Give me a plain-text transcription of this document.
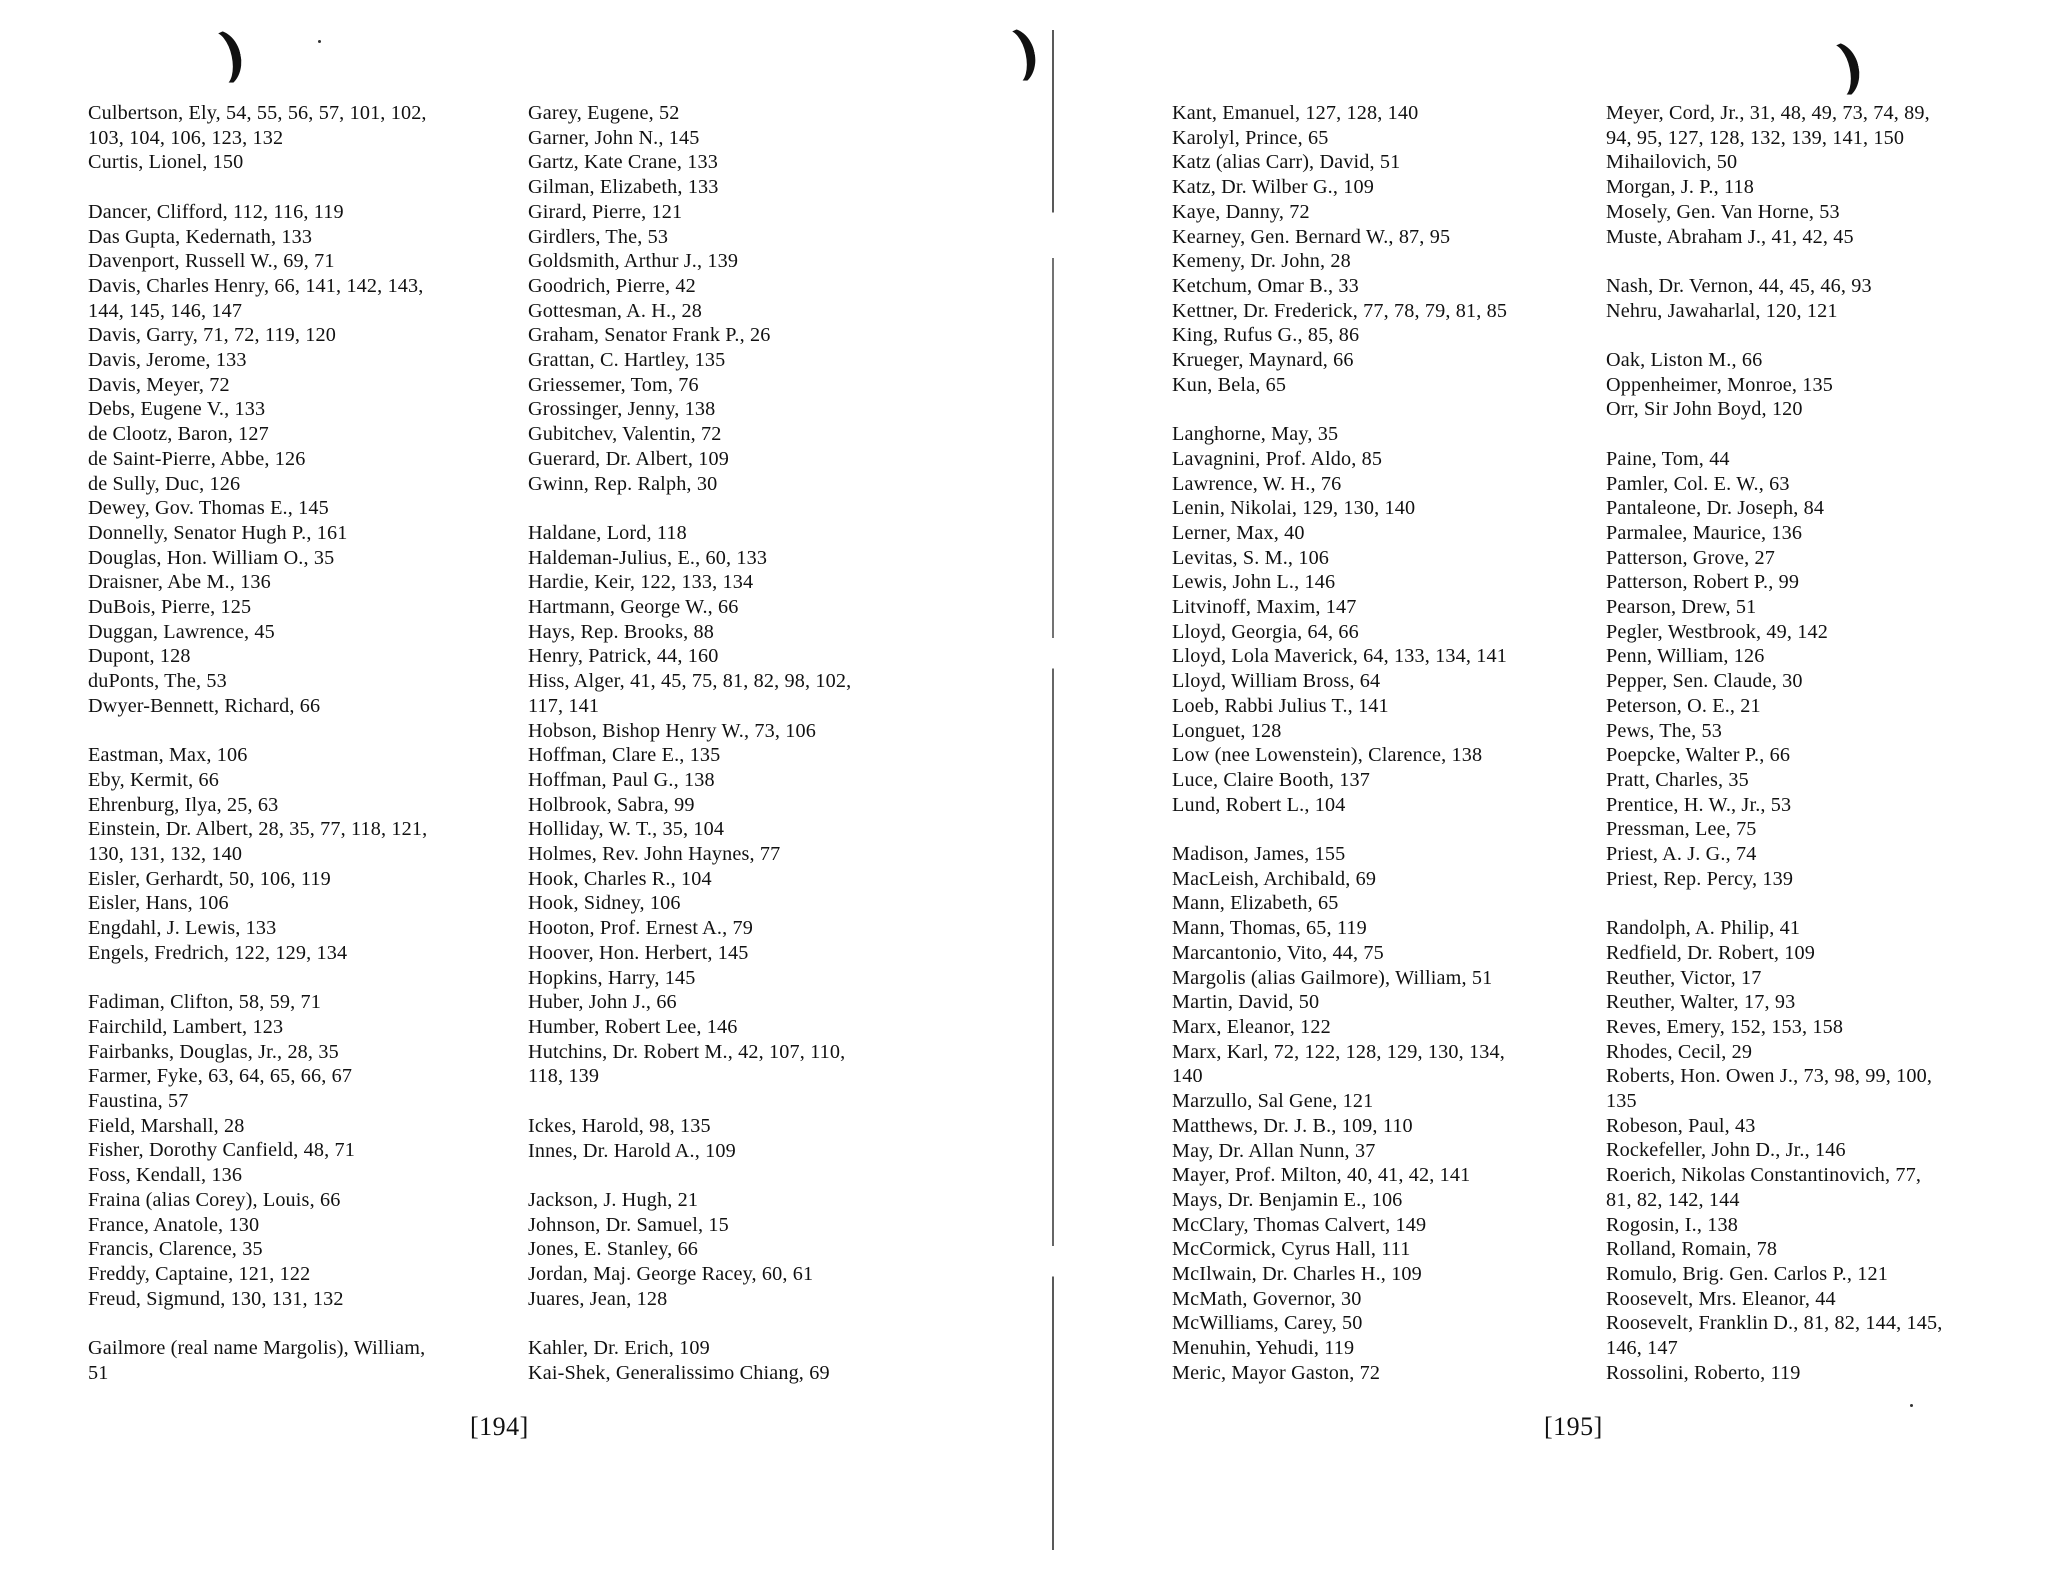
Culbertson, Ely, 54, 55, 56, 57, 101, 102,
103, 104, 106, 123, 132
Curtis, Lionel, 150
Dancer, Clifford, 112, 116, 119
Das Gupta, Kedernath, 133
Davenport, Russell W., 69, 71
Davis, Charles Henry, 66, 141, 142, 143,
144, 145, 146, 147
Davis, Garry, 71, 72, 119, 120
Davis, Jerome, 133
Davis, Meyer, 72
Debs, Eugene V., 133
de Clootz, Baron, 127
de Saint-Pierre, Abbe, 126
de Sully, Duc, 126
Dewey, Gov. Thomas E., 145
Donnelly, Senator Hugh P., 161
Douglas, Hon. William O., 35
Draisner, Abe M., 136
DuBois, Pierre, 125
Duggan, Lawrence, 45
Dupont, 128
duPonts, The, 53
Dwyer-Bennett, Richard, 66
Eastman, Max, 106
Eby, Kermit, 66
Ehrenburg, Ilya, 25, 63
Einstein, Dr. Albert, 28, 35, 77, 118, 121,
130, 131, 132, 140
Eisler, Gerhardt, 50, 106, 119
Eisler, Hans, 106
Engdahl, J. Lewis, 133
Engels, Fredrich, 122, 129, 134
Fadiman, Clifton, 58, 59, 71
Fairchild, Lambert, 123
Fairbanks, Douglas, Jr., 28, 35
Farmer, Fyke, 63, 64, 65, 66, 67
Faustina, 57
Field, Marshall, 28
Fisher, Dorothy Canfield, 48, 71
Foss, Kendall, 136
Fraina (alias Corey), Louis, 66
France, Anatole, 130
Francis, Clarence, 35
Freddy, Captaine, 121, 122
Freud, Sigmund, 130, 131, 132
Gailmore (real name Margolis), William,
51
Garey, Eugene, 52
Garner, John N., 145
Gartz, Kate Crane, 133
Gilman, Elizabeth, 133
Girard, Pierre, 121
Girdlers, The, 53
Goldsmith, Arthur J., 139
Goodrich, Pierre, 42
Gottesman, A. H., 28
Graham, Senator Frank P., 26
Grattan, C. Hartley, 135
Griessemer, Tom, 76
Grossinger, Jenny, 138
Gubitchev, Valentin, 72
Guerard, Dr. Albert, 109
Gwinn, Rep. Ralph, 30
Haldane, Lord, 118
Haldeman-Julius, E., 60, 133
Hardie, Keir, 122, 133, 134
Hartmann, George W., 66
Hays, Rep. Brooks, 88
Henry, Patrick, 44, 160
Hiss, Alger, 41, 45, 75, 81, 82, 98, 102,
117, 141
Hobson, Bishop Henry W., 73, 106
Hoffman, Clare E., 135
Hoffman, Paul G., 138
Holbrook, Sabra, 99
Holliday, W. T., 35, 104
Holmes, Rev. John Haynes, 77
Hook, Charles R., 104
Hook, Sidney, 106
Hooton, Prof. Ernest A., 79
Hoover, Hon. Herbert, 145
Hopkins, Harry, 145
Huber, John J., 66
Humber, Robert Lee, 146
Hutchins, Dr. Robert M., 42, 107, 110,
118, 139
Ickes, Harold, 98, 135
Innes, Dr. Harold A., 109
Jackson, J. Hugh, 21
Johnson, Dr. Samuel, 15
Jones, E. Stanley, 66
Jordan, Maj. George Racey, 60, 61
Juares, Jean, 128
Kahler, Dr. Erich, 109
Kai-Shek, Generalissimo Chiang, 69
[194]
Kant, Emanuel, 127, 128, 140
Karolyl, Prince, 65
Katz (alias Carr), David, 51
Katz, Dr. Wilber G., 109
Kaye, Danny, 72
Kearney, Gen. Bernard W., 87, 95
Kemeny, Dr. John, 28
Ketchum, Omar B., 33
Kettner, Dr. Frederick, 77, 78, 79, 81, 85
King, Rufus G., 85, 86
Krueger, Maynard, 66
Kun, Bela, 65
Langhorne, May, 35
Lavagnini, Prof. Aldo, 85
Lawrence, W. H., 76
Lenin, Nikolai, 129, 130, 140
Lerner, Max, 40
Levitas, S. M., 106
Lewis, John L., 146
Litvinoff, Maxim, 147
Lloyd, Georgia, 64, 66
Lloyd, Lola Maverick, 64, 133, 134, 141
Lloyd, William Bross, 64
Loeb, Rabbi Julius T., 141
Longuet, 128
Low (nee Lowenstein), Clarence, 138
Luce, Claire Booth, 137
Lund, Robert L., 104
Madison, James, 155
MacLeish, Archibald, 69
Mann, Elizabeth, 65
Mann, Thomas, 65, 119
Marcantonio, Vito, 44, 75
Margolis (alias Gailmore), William, 51
Martin, David, 50
Marx, Eleanor, 122
Marx, Karl, 72, 122, 128, 129, 130, 134,
140
Marzullo, Sal Gene, 121
Matthews, Dr. J. B., 109, 110
May, Dr. Allan Nunn, 37
Mayer, Prof. Milton, 40, 41, 42, 141
Mays, Dr. Benjamin E., 106
McClary, Thomas Calvert, 149
McCormick, Cyrus Hall, 111
McIlwain, Dr. Charles H., 109
McMath, Governor, 30
McWilliams, Carey, 50
Menuhin, Yehudi, 119
Meric, Mayor Gaston, 72
Meyer, Cord, Jr., 31, 48, 49, 73, 74, 89,
94, 95, 127, 128, 132, 139, 141, 150
Mihailovich, 50
Morgan, J. P., 118
Mosely, Gen. Van Horne, 53
Muste, Abraham J., 41, 42, 45
Nash, Dr. Vernon, 44, 45, 46, 93
Nehru, Jawaharlal, 120, 121
Oak, Liston M., 66
Oppenheimer, Monroe, 135
Orr, Sir John Boyd, 120
Paine, Tom, 44
Pamler, Col. E. W., 63
Pantaleone, Dr. Joseph, 84
Parmalee, Maurice, 136
Patterson, Grove, 27
Patterson, Robert P., 99
Pearson, Drew, 51
Pegler, Westbrook, 49, 142
Penn, William, 126
Pepper, Sen. Claude, 30
Peterson, O. E., 21
Pews, The, 53
Poepcke, Walter P., 66
Pratt, Charles, 35
Prentice, H. W., Jr., 53
Pressman, Lee, 75
Priest, A. J. G., 74
Priest, Rep. Percy, 139
Randolph, A. Philip, 41
Redfield, Dr. Robert, 109
Reuther, Victor, 17
Reuther, Walter, 17, 93
Reves, Emery, 152, 153, 158
Rhodes, Cecil, 29
Roberts, Hon. Owen J., 73, 98, 99, 100,
135
Robeson, Paul, 43
Rockefeller, John D., Jr., 146
Roerich, Nikolas Constantinovich, 77,
81, 82, 142, 144
Rogosin, I., 138
Rolland, Romain, 78
Romulo, Brig. Gen. Carlos P., 121
Roosevelt, Mrs. Eleanor, 44
Roosevelt, Franklin D., 81, 82, 144, 145,
146, 147
Rossolini, Roberto, 119
[195]
